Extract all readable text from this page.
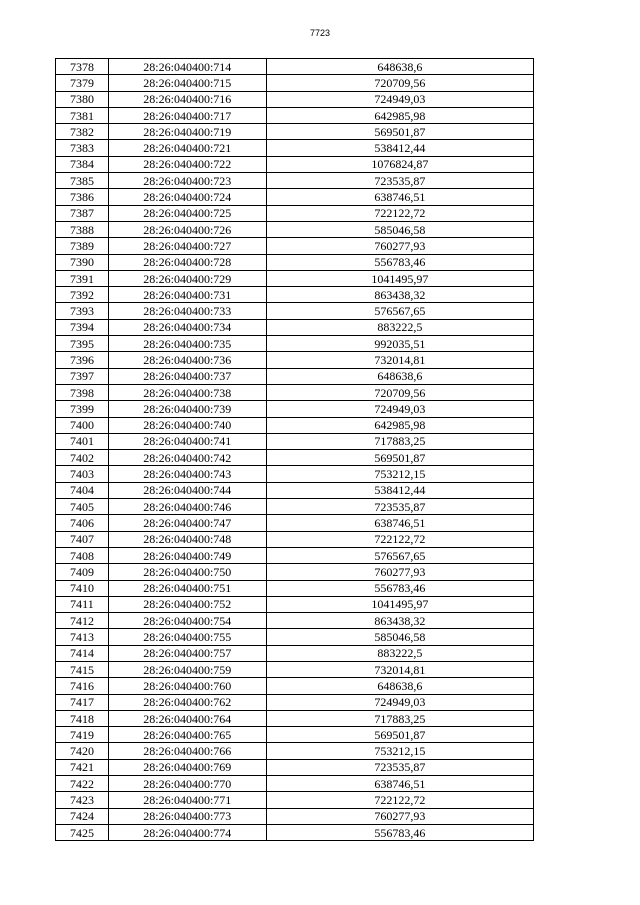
7723
7378	28:26:040400:714	648638,6
7379	28:26:040400:715	720709,56
7380	28:26:040400:716	724949,03
7381	28:26:040400:717	642985,98
7382	28:26:040400:719	569501,87
7383	28:26:040400:721	538412,44
7384	28:26:040400:722	1076824,87
7385	28:26:040400:723	723535,87
7386	28:26:040400:724	638746,51
7387	28:26:040400:725	722122,72
7388	28:26:040400:726	585046,58
7389	28:26:040400:727	760277,93
7390	28:26:040400:728	556783,46
7391	28:26:040400:729	1041495,97
7392	28:26:040400:731	863438,32
7393	28:26:040400:733	576567,65
7394	28:26:040400:734	883222,5
7395	28:26:040400:735	992035,51
7396	28:26:040400:736	732014,81
7397	28:26:040400:737	648638,6
7398	28:26:040400:738	720709,56
7399	28:26:040400:739	724949,03
7400	28:26:040400:740	642985,98
7401	28:26:040400:741	717883,25
7402	28:26:040400:742	569501,87
7403	28:26:040400:743	753212,15
7404	28:26:040400:744	538412,44
7405	28:26:040400:746	723535,87
7406	28:26:040400:747	638746,51
7407	28:26:040400:748	722122,72
7408	28:26:040400:749	576567,65
7409	28:26:040400:750	760277,93
7410	28:26:040400:751	556783,46
7411	28:26:040400:752	1041495,97
7412	28:26:040400:754	863438,32
7413	28:26:040400:755	585046,58
7414	28:26:040400:757	883222,5
7415	28:26:040400:759	732014,81
7416	28:26:040400:760	648638,6
7417	28:26:040400:762	724949,03
7418	28:26:040400:764	717883,25
7419	28:26:040400:765	569501,87
7420	28:26:040400:766	753212,15
7421	28:26:040400:769	723535,87
7422	28:26:040400:770	638746,51
7423	28:26:040400:771	722122,72
7424	28:26:040400:773	760277,93
7425	28:26:040400:774	556783,46
